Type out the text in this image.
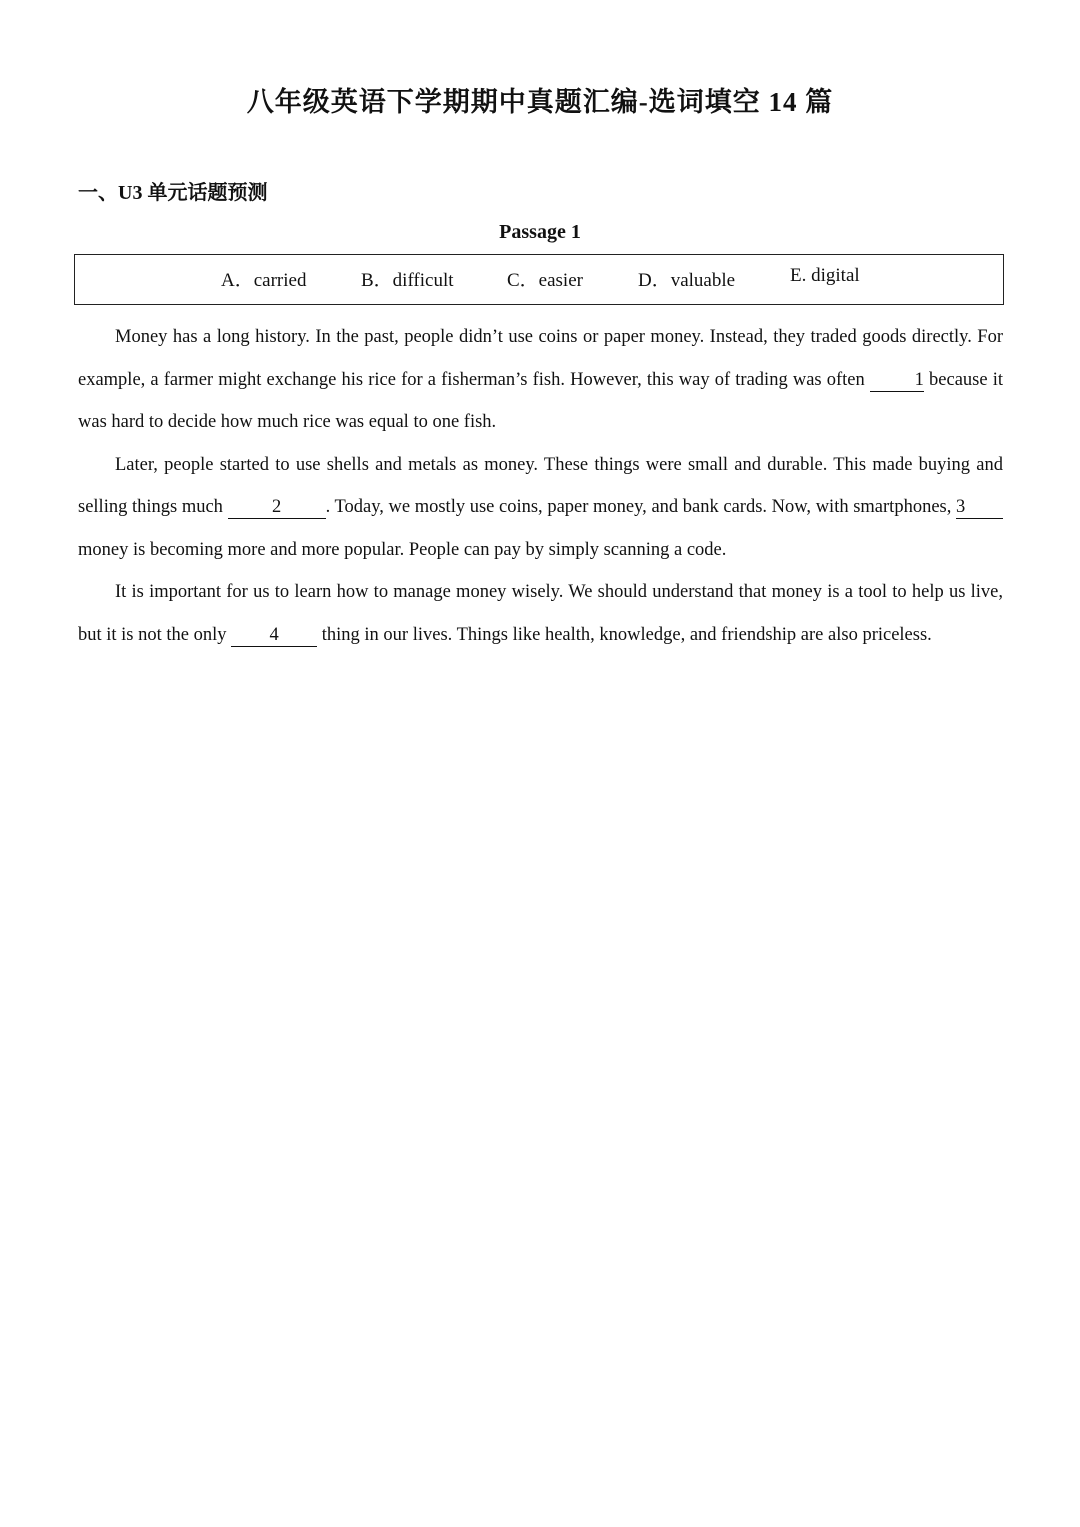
八年级英语下学期期中真题汇编-选词填空 14 篇
一、U3 单元话题预测
Passage 1
A．carried	B．difficult	C．easier	D．valuable	E. digital

Money has a long history. In the past, people didn’t use coins or paper money. Instead, they traded goods directly. For example, a farmer might exchange his rice for a fisherman’s fish. However, this way of trading was often 1 because it was hard to decide how much rice was equal to one fish.

Later, people started to use shells and metals as money. These things were small and durable. This made buying and selling things much 2 . Today, we mostly use coins, paper money, and bank cards. Now, with smartphones, 3 money is becoming more and more popular. People can pay by simply scanning a code.

It is important for us to learn how to manage money wisely. We should understand that money is a tool to help us live, but it is not the only 4 thing in our lives. Things like health, knowledge, and friendship are also priceless.
